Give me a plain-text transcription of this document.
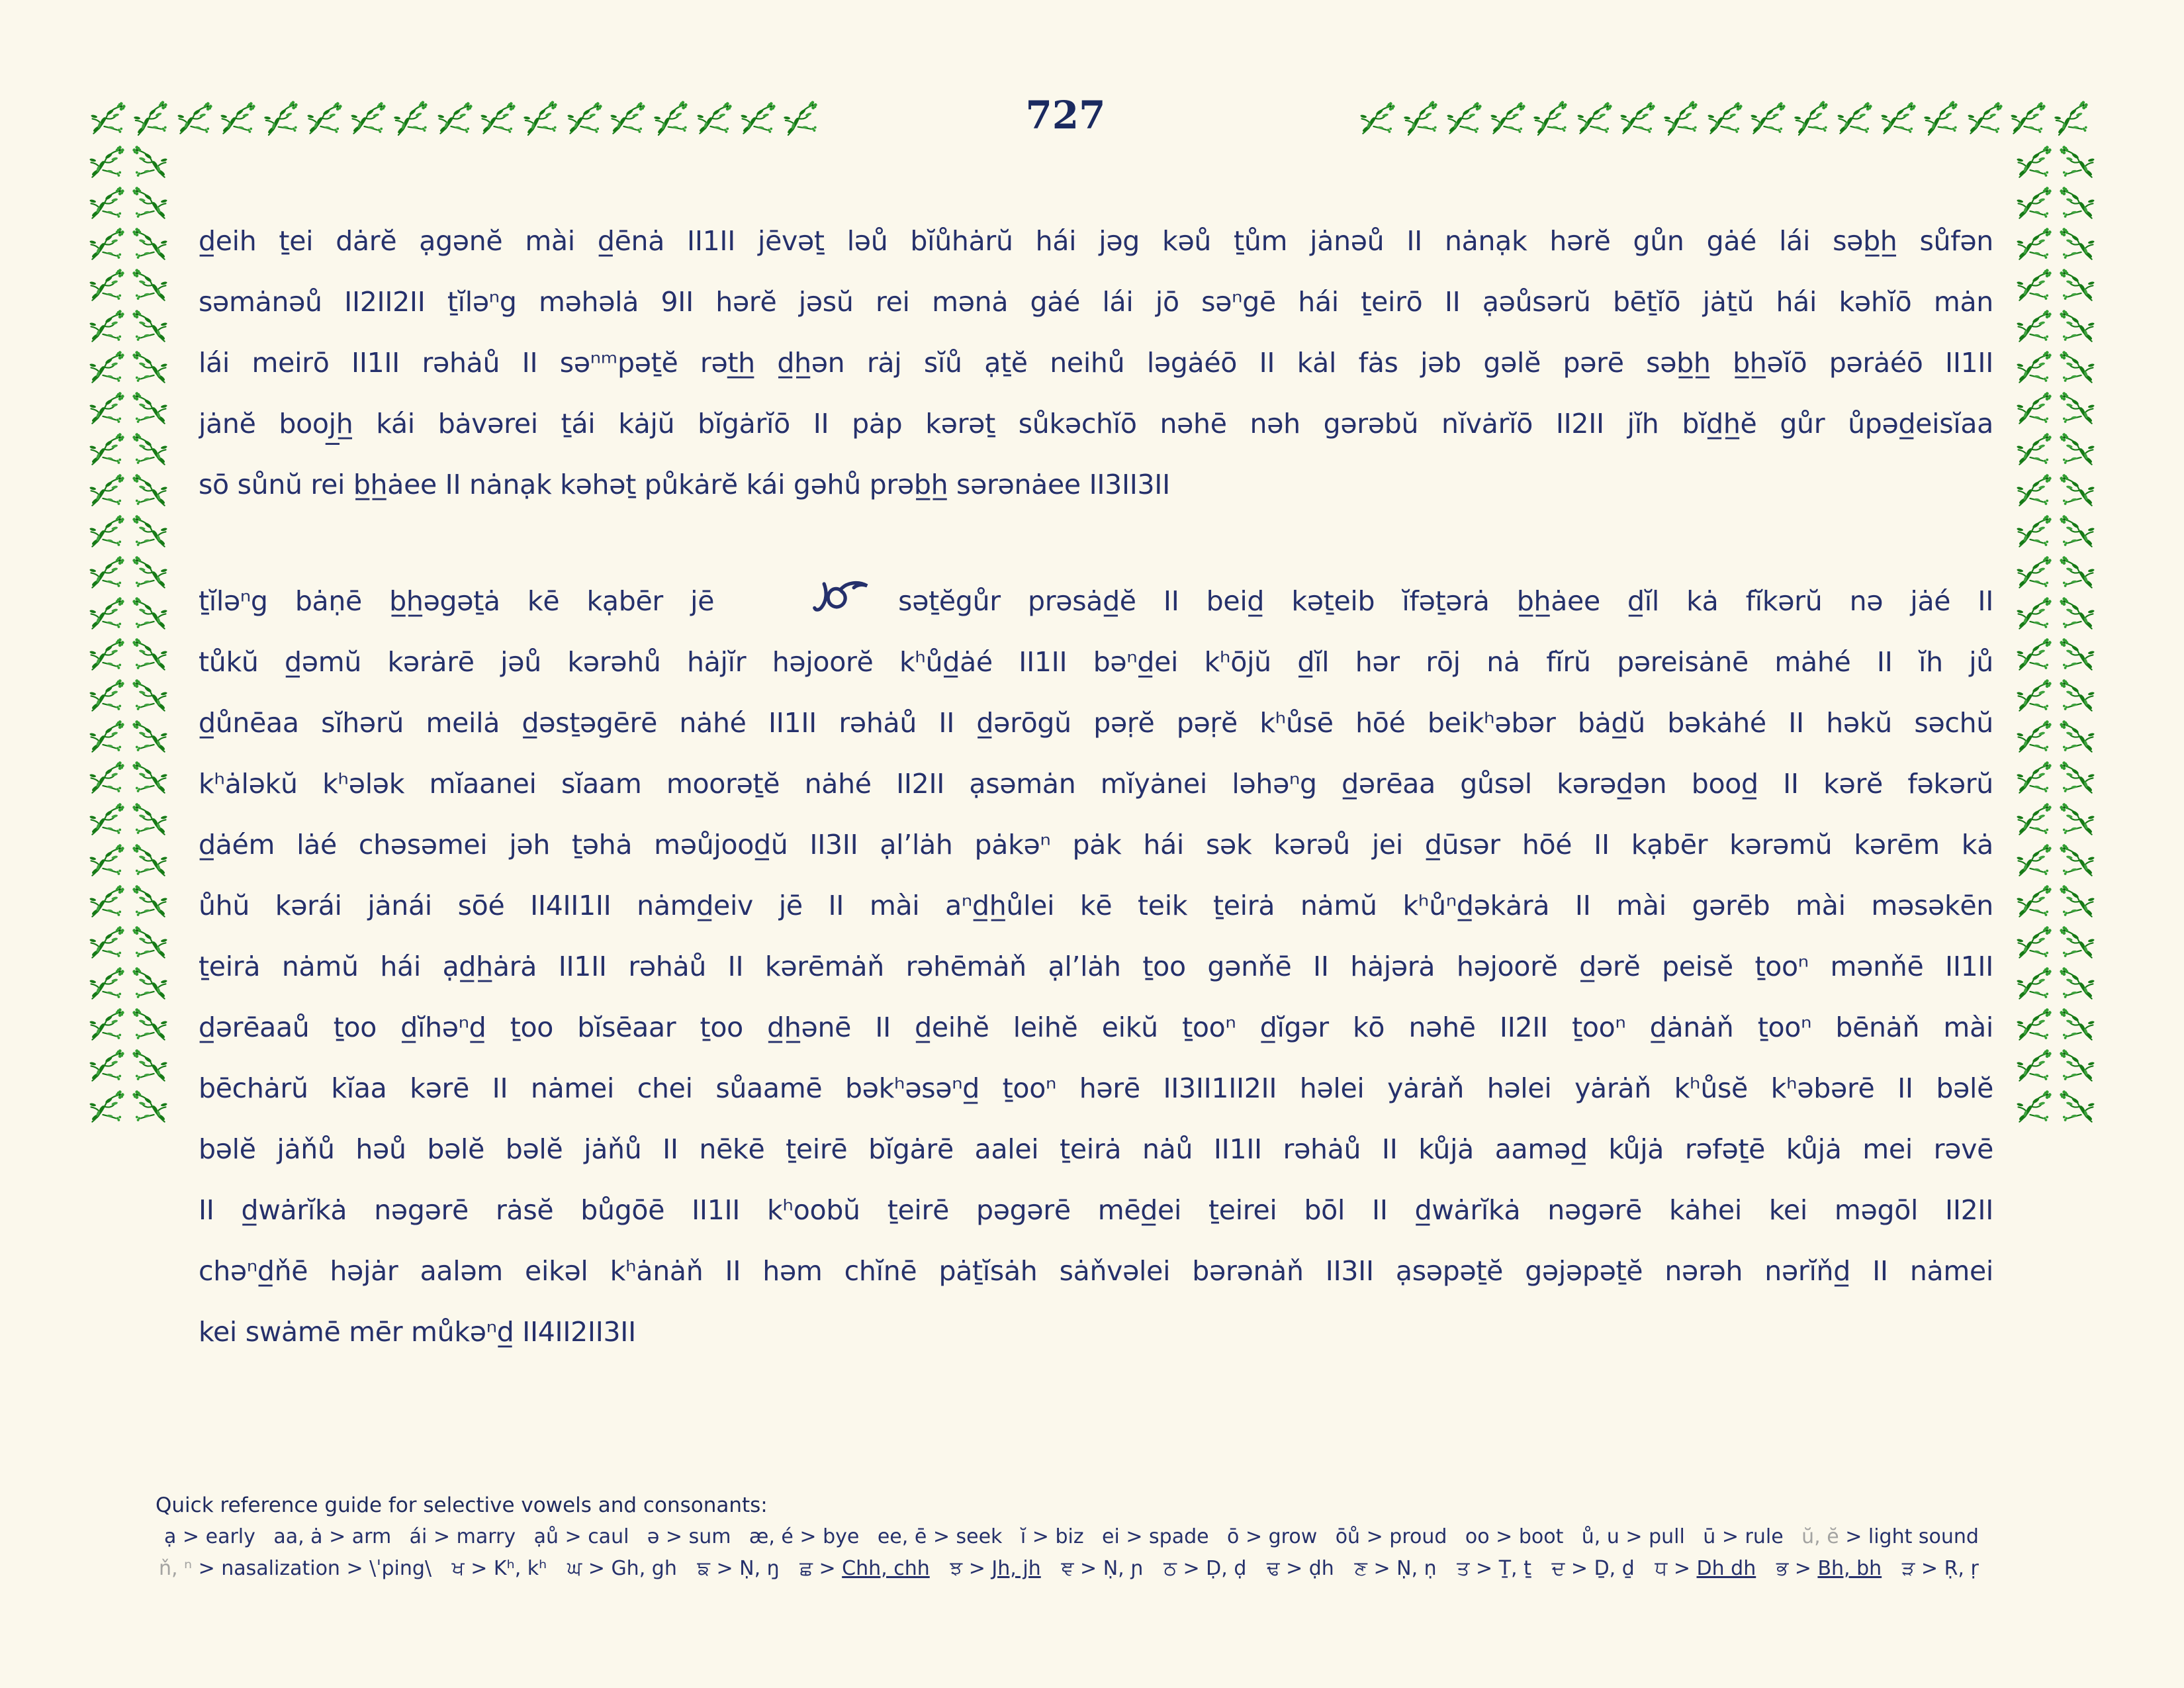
727
d̲eih ṯei dȧrĕ ạgənĕ mài d̲ēnȧ II1II jēvəṯ ləů bĭůhȧrŭ hái jəg kəů ṯům jȧnəů II nȧnạk hərĕ gůn gȧé lái səb̲h̲ sůfən
səmȧnəů II2II2II ṯĭləⁿg məhəlȧ 9II hərĕ jəsŭ rei mənȧ gȧé lái jō səⁿgē hái ṯeirō II ạəůsərŭ bēṯĭō jȧṯŭ hái kəhĭō mȧn
lái meirō II1II rəhȧů II səⁿᵐpəṯĕ rət̲h̲ d̲h̲ən rȧj sĭů ạṯĕ neihů ləgȧéō II kȧl fȧs jəb gəlĕ pərē səb̲h̲ b̲h̲əĭō pərȧéō II1II
jȧnĕ booj̲h̲ kái bȧvərei ṯái kȧjŭ bĭgȧrĭō II pȧp kərəṯ sůkəchĭō nəhē nəh gərəbŭ nĭvȧrĭō II2II jĭh bĭd̲h̲ĕ gůr ůpəd̲eisĭaa
sō sůnŭ rei b̲h̲ȧee II nȧnạk kəhəṯ půkȧrĕ kái gəhů prəb̲h̲ sərənȧee II3II3II
ṯĭləⁿg bȧṇē b̲h̲əgəṯȧ kē kạbēr jē	səṯĕgůr prəsȧd̲ĕ II beid̲ kəṯeib ĭfəṯərȧ b̲h̲ȧee d̲ĭl kȧ fĭkərŭ nə jȧé II
tůkŭ d̲əmŭ kərȧrē jəů kərəhů hȧjĭr həjoorĕ kʰůd̲ȧé II1II bəⁿd̲ei kʰōjŭ d̲ĭl hər rōj nȧ fĭrŭ pəreisȧnē mȧhé II ĭh jů
d̲ůnēaa sĭhərŭ meilȧ d̲əsṯəgērē nȧhé II1II rəhȧů II d̲ərōgŭ pəṛĕ pəṛĕ kʰůsē hōé beikʰəbər bȧd̲ŭ bəkȧhé II həkŭ səchŭ
kʰȧləkŭ kʰələk mĭaanei sĭaam moorəṯĕ nȧhé II2II ạsəmȧn mĭyȧnei ləhəⁿg d̲ərēaa gůsəl kərəd̲ən bood̲ II kərĕ fəkərŭ
d̲ȧém lȧé chəsəmei jəh ṯəhȧ məůjood̲ŭ II3II ạlʼlȧh pȧkəⁿ pȧk hái sək kərəů jei d̲ūsər hōé II kạbēr kərəmŭ kərēm kȧ
ůhŭ kərái jȧnái sōé II4II1II nȧmd̲eiv jē II mài aⁿd̲h̲ůlei kē teik ṯeirȧ nȧmŭ kʰůⁿd̲əkȧrȧ II mài gərēb mài məsəkēn
ṯeirȧ nȧmŭ hái ạd̲h̲ȧrȧ II1II rəhȧů II kərēmȧň rəhēmȧň ạlʼlȧh ṯoo gənňē II hȧjərȧ həjoorĕ d̲ərĕ peisĕ ṯooⁿ mənňē II1II
d̲ərēaaů ṯoo d̲ĭhəⁿd̲ ṯoo bĭsēaar ṯoo d̲h̲ənē II d̲eihĕ leihĕ eikŭ ṯooⁿ d̲ĭgər kō nəhē II2II ṯooⁿ d̲ȧnȧň ṯooⁿ bēnȧň mài
bēchȧrŭ kĭaa kərē II nȧmei chei sůaamē bəkʰəsəⁿd̲ ṯooⁿ hərē II3II1II2II həlei yȧrȧň həlei yȧrȧň kʰůsĕ kʰəbərē II bəlĕ
bəlĕ jȧňů həů bəlĕ bəlĕ jȧňů II nēkē ṯeirē bĭgȧrē aalei ṯeirȧ nȧů II1II rəhȧů II kůjȧ aaməd̲ kůjȧ rəfəṯē kůjȧ mei rəvē
II d̲wȧrĭkȧ nəgərē rȧsĕ bůgōē II1II kʰoobŭ ṯeirē pəgərē mēd̲ei ṯeirei bōl II d̲wȧrĭkȧ nəgərē kȧhei kei məgōl II2II
chəⁿd̲ňē həjȧr aaləm eikəl kʰȧnȧň II həm chĭnē pȧṯĭsȧh sȧňvəlei bərənȧň II3II ạsəpəṯĕ gəjəpəṯĕ nərəh nərĭňd̲ II nȧmei
kei swȧmē mēr můkəⁿd̲ II4II2II3II
Quick reference guide for selective vowels and consonants:
ạ > early aa, ȧ > arm ái > marry ạů > caul ə > sum æ, é > bye ee, ē > seek ĭ > biz ei > spade ō > grow ōů > proud oo > boot ů, u > pull ū > rule ŭ, ĕ > light sound
ň, ⁿ > nasalization > \ˈping\ ਖ > Kʰ, kʰ ਘ > Gh, gh ਙ > Ṇ, ŋ ਛ > Chh, chh ਝ > Jh, jh ਞ > Ṇ, ɲ ਠ > Ḍ, ḍ ਢ > ḍh ਣ > Ṇ, ṇ ਤ > Ṯ, ṯ ਦ > Ḏ, ḏ ਧ > Dh dh ਭ > Bh, bh ੜ > Ṛ, ṛ
